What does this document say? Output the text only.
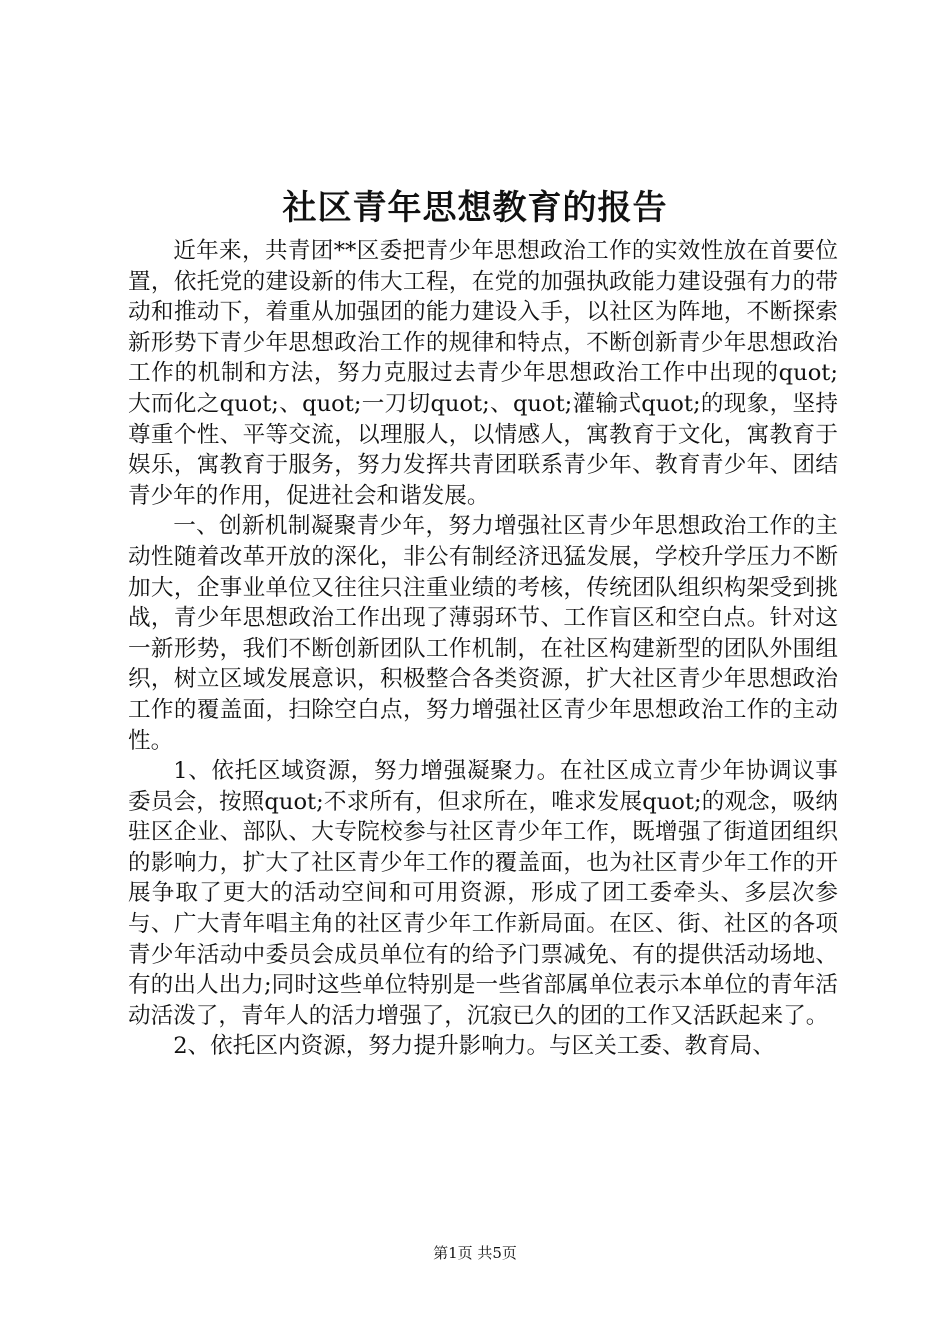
社区青年思想教育的报告

近年来，共青团**区委把青少年思想政治工作的实效性放在首要位置，依托党的建设新的伟大工程，在党的加强执政能力建设强有力的带动和推动下，着重从加强团的能力建设入手，以社区为阵地，不断探索新形势下青少年思想政治工作的规律和特点，不断创新青少年思想政治工作的机制和方法，努力克服过去青少年思想政治工作中出现的quot;大而化之quot;、quot;一刀切quot;、quot;灌输式quot;的现象，坚持尊重个性、平等交流，以理服人，以情感人，寓教育于文化，寓教育于娱乐，寓教育于服务，努力发挥共青团联系青少年、教育青少年、团结青少年的作用，促进社会和谐发展。

一、创新机制凝聚青少年，努力增强社区青少年思想政治工作的主动性随着改革开放的深化，非公有制经济迅猛发展，学校升学压力不断加大，企事业单位又往往只注重业绩的考核，传统团队组织构架受到挑战，青少年思想政治工作出现了薄弱环节、工作盲区和空白点。针对这一新形势，我们不断创新团队工作机制，在社区构建新型的团队外围组织，树立区域发展意识，积极整合各类资源，扩大社区青少年思想政治工作的覆盖面，扫除空白点，努力增强社区青少年思想政治工作的主动性。

1、依托区域资源，努力增强凝聚力。在社区成立青少年协调议事委员会，按照quot;不求所有，但求所在，唯求发展quot;的观念，吸纳驻区企业、部队、大专院校参与社区青少年工作，既增强了街道团组织的影响力，扩大了社区青少年工作的覆盖面，也为社区青少年工作的开展争取了更大的活动空间和可用资源，形成了团工委牵头、多层次参与、广大青年唱主角的社区青少年工作新局面。在区、街、社区的各项青少年活动中委员会成员单位有的给予门票减免、有的提供活动场地、有的出人出力;同时这些单位特别是一些省部属单位表示本单位的青年活动活泼了，青年人的活力增强了，沉寂已久的团的工作又活跃起来了。

2、依托区内资源，努力提升影响力。与区关工委、教育局、

第1页 共5页
